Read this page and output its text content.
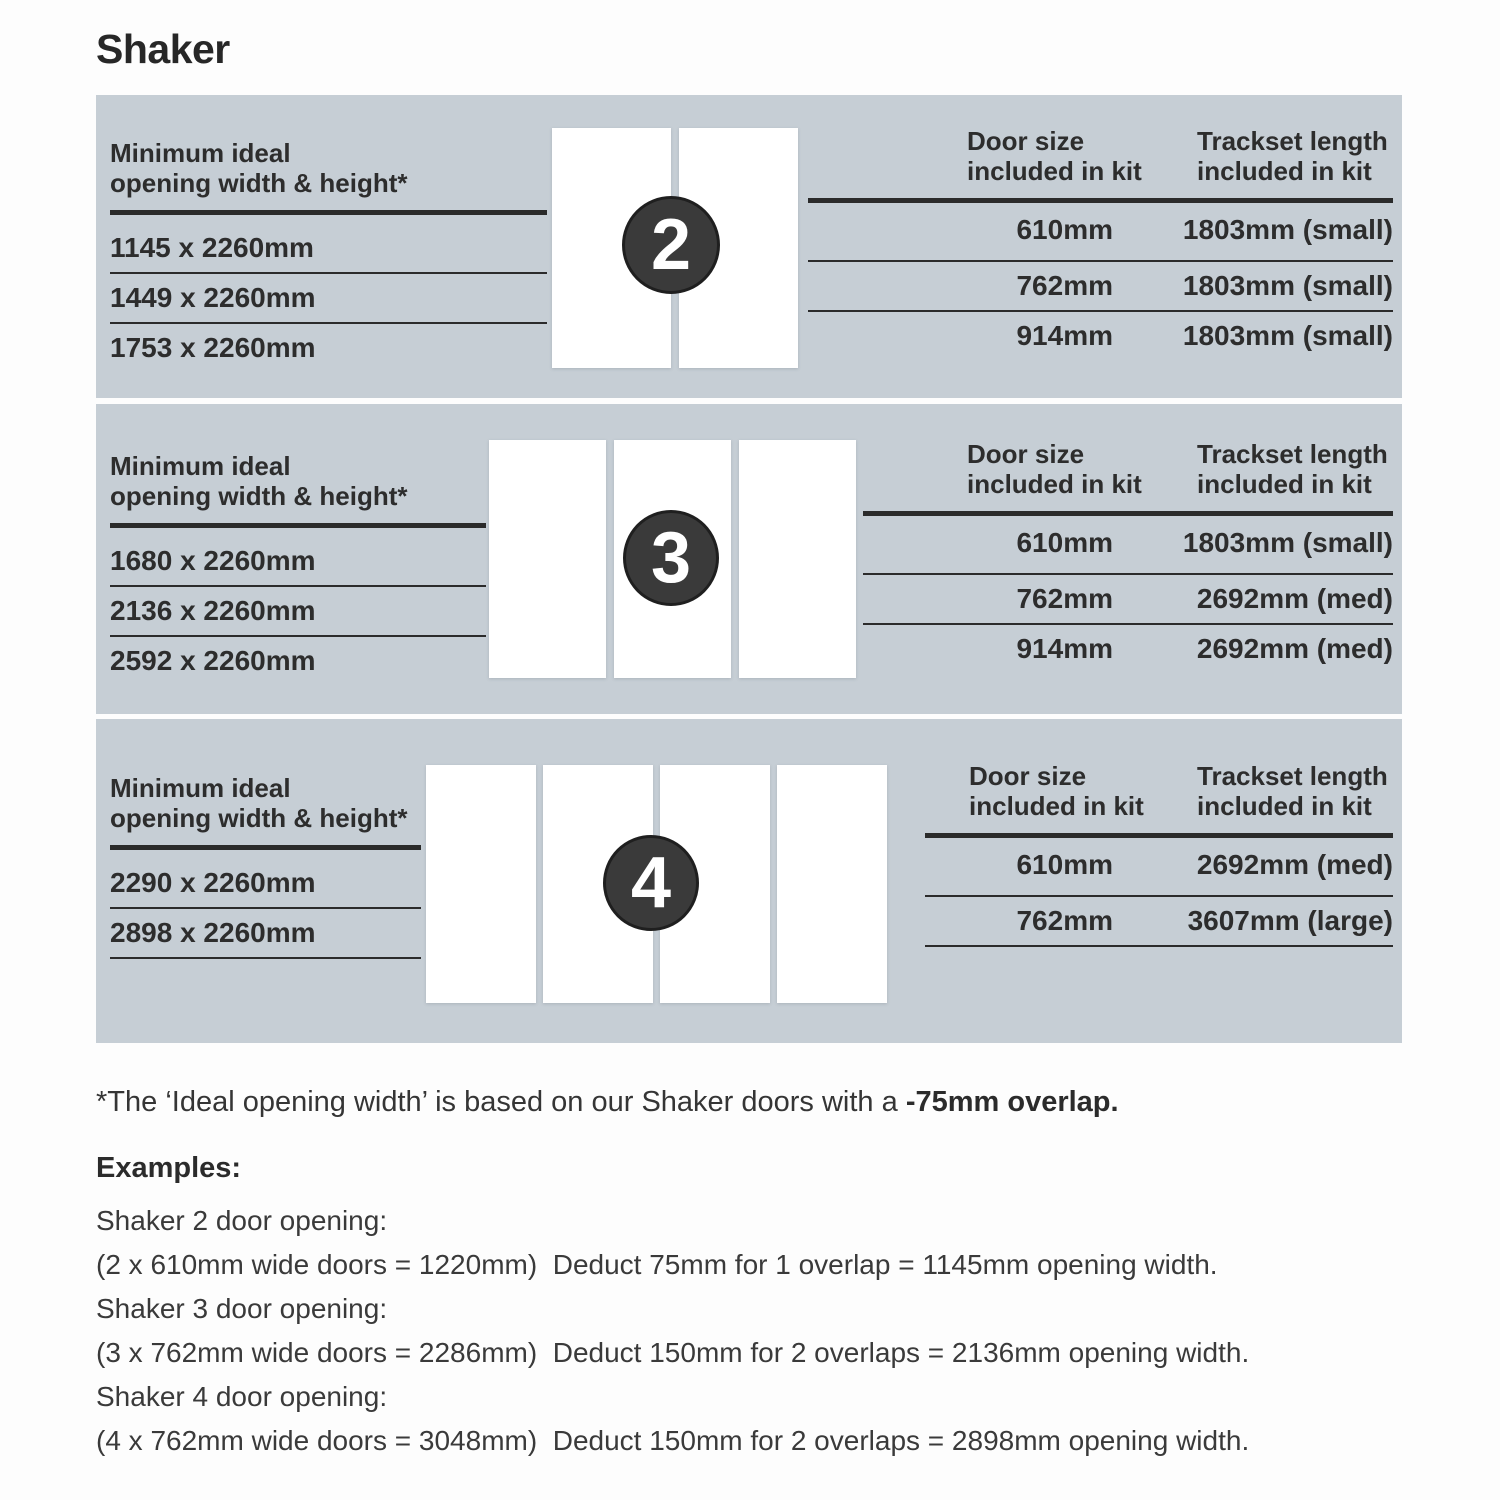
Shaker
Minimum ideal
opening width & height*
1145 x 2260mm
1449 x 2260mm
1753 x 2260mm
2
Door size
included in kit
Trackset length
included in kit
610mm 1803mm (small)
762mm 1803mm (small)
914mm 1803mm (small)
Minimum ideal
opening width & height*
1680 x 2260mm
2136 x 2260mm
2592 x 2260mm
3
Door size
included in kit
Trackset length
included in kit
610mm 1803mm (small)
762mm	2692mm (med)
914mm	2692mm (med)
Minimum ideal
opening width & height*
2290 x 2260mm
2898 x 2260mm
4
Door size
included in kit
Trackset length
included in kit
610mm	2692mm (med)
762mm	3607mm (large)
*The ‘Ideal opening width’ is based on our Shaker doors with a -75mm overlap.
Examples:
Shaker 2 door opening:
(2 x 610mm wide doors = 1220mm)  Deduct 75mm for 1 overlap = 1145mm opening width.
Shaker 3 door opening:
(3 x 762mm wide doors = 2286mm)  Deduct 150mm for 2 overlaps = 2136mm opening width.
Shaker 4 door opening:
(4 x 762mm wide doors = 3048mm)  Deduct 150mm for 2 overlaps = 2898mm opening width.
